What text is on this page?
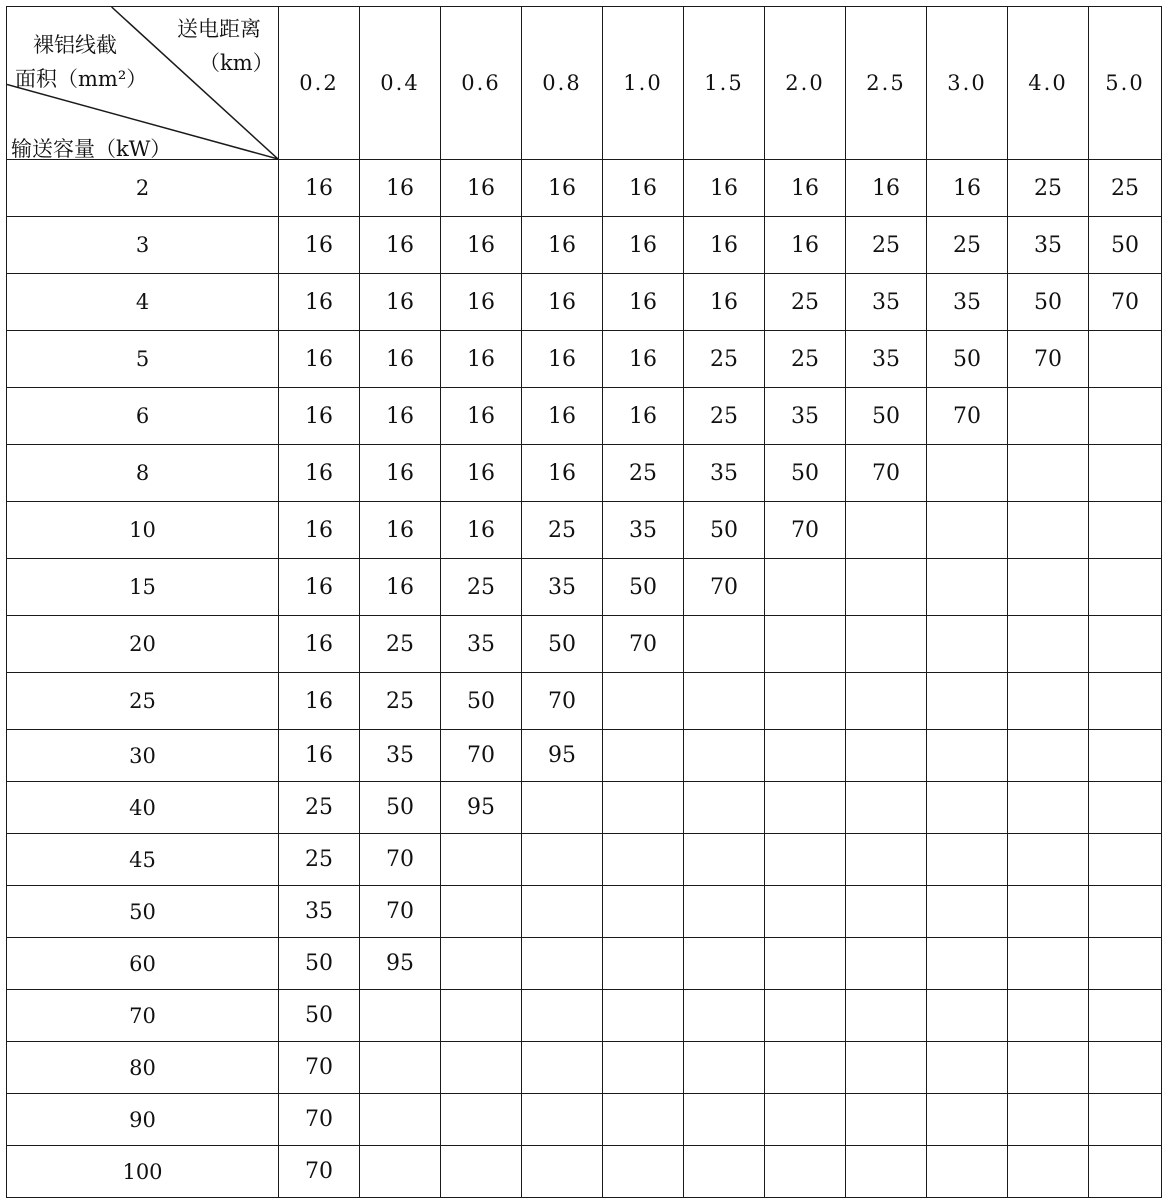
裸铝线截
面积（mm²）
送电距离
（km）
输送容量（kW）	0.2	0.4	0.6	0.8	1.0	1.5	2.0	2.5	3.0	4.0	5.0
2	16	16	16	16	16	16	16	16	16	25	25
3	16	16	16	16	16	16	16	25	25	35	50
4	16	16	16	16	16	16	25	35	35	50	70
5	16	16	16	16	16	25	25	35	50	70	
6	16	16	16	16	16	25	35	50	70		
8	16	16	16	16	25	35	50	70			
10	16	16	16	25	35	50	70				
15	16	16	25	35	50	70					
20	16	25	35	50	70						
25	16	25	50	70							
30	16	35	70	95							
40	25	50	95								
45	25	70									
50	35	70									
60	50	95									
70	50										
80	70										
90	70										
100	70										
